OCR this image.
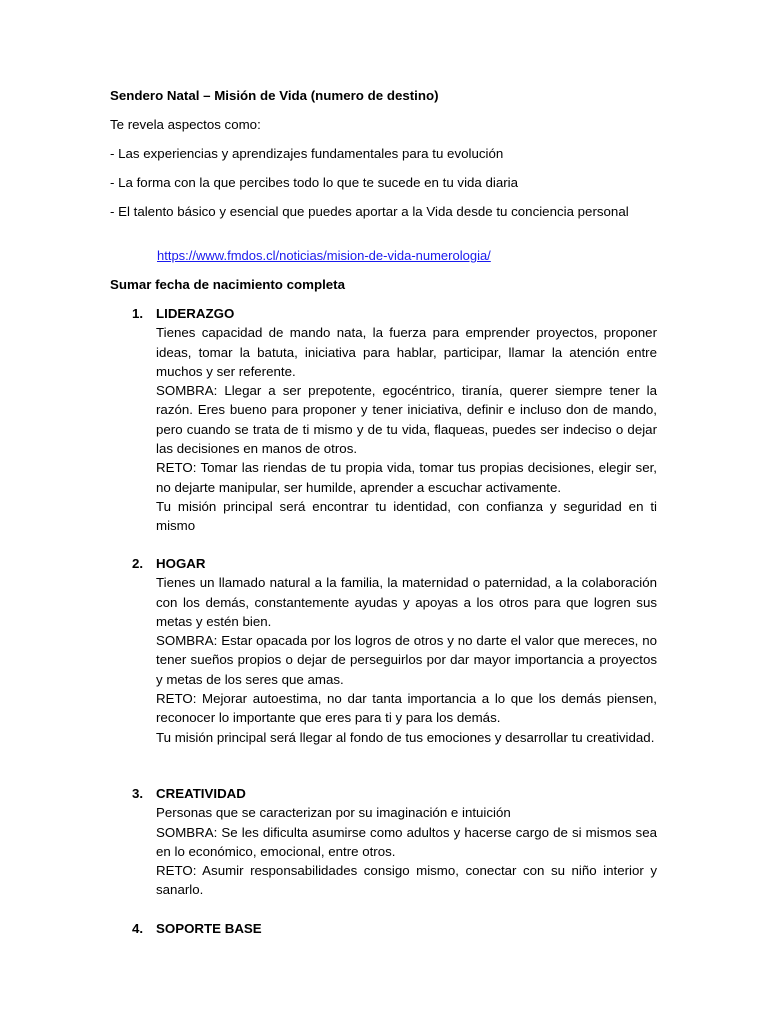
Sendero Natal – Misión de Vida (numero de destino)

Te revela aspectos como:

- Las experiencias y aprendizajes fundamentales para tu evolución

- La forma con la que percibes todo lo que te sucede en tu vida diaria

- El talento básico y esencial que puedes aportar a la Vida desde tu conciencia personal

https://www.fmdos.cl/noticias/mision-de-vida-numerologia/

Sumar fecha de nacimiento completa

1. LIDERAZGO

Tienes capacidad de mando nata, la fuerza para emprender proyectos, proponer ideas, tomar la batuta, iniciativa para hablar, participar, llamar la atención entre muchos y ser referente.

SOMBRA: Llegar a ser prepotente, egocéntrico, tiranía, querer siempre tener la razón. Eres bueno para proponer y tener iniciativa, definir e incluso don de mando, pero cuando se trata de ti mismo y de tu vida, flaqueas, puedes ser indeciso o dejar las decisiones en manos de otros.

RETO: Tomar las riendas de tu propia vida, tomar tus propias decisiones, elegir ser, no dejarte manipular, ser humilde, aprender a escuchar activamente.

Tu misión principal será encontrar tu identidad, con confianza y seguridad en ti mismo

2. HOGAR

Tienes un llamado natural a la familia, la maternidad o paternidad, a la colaboración con los demás, constantemente ayudas y apoyas a los otros para que logren sus metas y estén bien.

SOMBRA: Estar opacada por los logros de otros y no darte el valor que mereces, no tener sueños propios o dejar de perseguirlos por dar mayor importancia a proyectos y metas de los seres que amas.

RETO: Mejorar autoestima, no dar tanta importancia a lo que los demás piensen, reconocer lo importante que eres para ti y para los demás.

Tu misión principal será llegar al fondo de tus emociones y desarrollar tu creatividad.

3. CREATIVIDAD

Personas que se caracterizan por su imaginación e intuición

SOMBRA: Se les dificulta asumirse como adultos y hacerse cargo de si mismos sea en lo económico, emocional, entre otros.

RETO: Asumir responsabilidades consigo mismo, conectar con su niño interior y sanarlo.

4. SOPORTE BASE
